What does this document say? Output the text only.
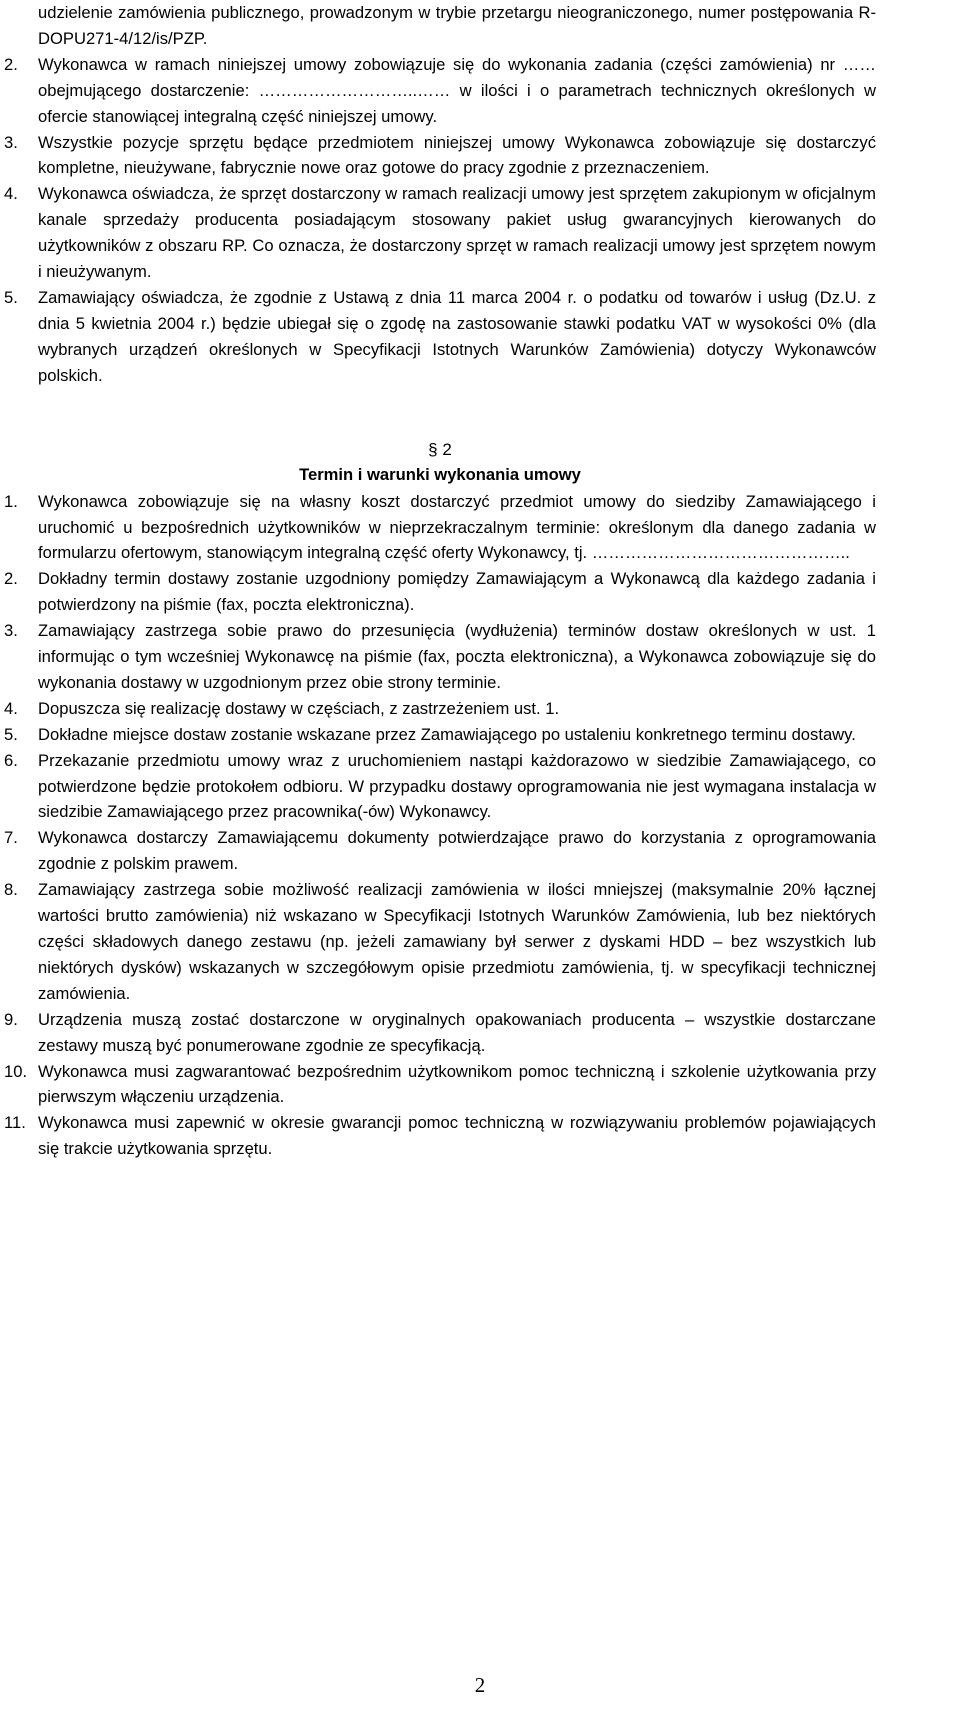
udzielenie zamówienia publicznego, prowadzonym w trybie przetargu nieograniczonego, numer postępowania R-DOPU271-4/12/is/PZP.
2.	Wykonawca w ramach niniejszej umowy zobowiązuje się do wykonania zadania (części zamówienia) nr …… obejmującego dostarczenie: ………………………..…… w ilości i o parametrach technicznych określonych w ofercie stanowiącej integralną część niniejszej umowy.
3.	Wszystkie pozycje sprzętu będące przedmiotem niniejszej umowy Wykonawca zobowiązuje się dostarczyć kompletne, nieużywane, fabrycznie nowe oraz gotowe do pracy zgodnie z przeznaczeniem.
4.	Wykonawca oświadcza, że sprzęt dostarczony w ramach realizacji umowy jest sprzętem zakupionym w oficjalnym kanale sprzedaży producenta posiadającym stosowany pakiet usług gwarancyjnych kierowanych do użytkowników z obszaru RP. Co oznacza, że dostarczony sprzęt w ramach realizacji umowy jest sprzętem nowym i nieużywanym.
5.	Zamawiający oświadcza, że zgodnie z Ustawą z dnia 11 marca 2004 r. o podatku od towarów i usług (Dz.U. z dnia 5 kwietnia 2004 r.) będzie ubiegał się o zgodę na zastosowanie stawki podatku VAT w wysokości 0% (dla wybranych urządzeń określonych w Specyfikacji Istotnych Warunków Zamówienia) dotyczy Wykonawców polskich.
§ 2
Termin i warunki wykonania umowy
1.	Wykonawca zobowiązuje się na własny koszt dostarczyć przedmiot umowy do siedziby Zamawiającego i uruchomić u bezpośrednich użytkowników w nieprzekraczalnym terminie: określonym dla danego zadania w formularzu ofertowym, stanowiącym integralną część oferty Wykonawcy, tj. ………………………………………..
2.	Dokładny termin dostawy zostanie uzgodniony pomiędzy Zamawiającym a Wykonawcą dla każdego zadania i potwierdzony na piśmie (fax, poczta elektroniczna).
3.	Zamawiający zastrzega sobie prawo do przesunięcia (wydłużenia) terminów dostaw określonych w ust. 1 informując o tym wcześniej Wykonawcę na piśmie (fax, poczta elektroniczna), a Wykonawca zobowiązuje się do wykonania dostawy w uzgodnionym przez obie strony terminie.
4.	Dopuszcza się realizację dostawy w częściach, z zastrzeżeniem ust. 1.
5.	Dokładne miejsce dostaw zostanie wskazane przez Zamawiającego po ustaleniu konkretnego terminu dostawy.
6.	Przekazanie przedmiotu umowy wraz z uruchomieniem nastąpi każdorazowo w siedzibie Zamawiającego, co potwierdzone będzie protokołem odbioru. W przypadku dostawy oprogramowania nie jest wymagana instalacja w siedzibie Zamawiającego przez pracownika(-ów) Wykonawcy.
7.	Wykonawca dostarczy Zamawiającemu dokumenty potwierdzające prawo do korzystania z oprogramowania zgodnie z polskim prawem.
8.	Zamawiający zastrzega sobie możliwość realizacji zamówienia w ilości mniejszej (maksymalnie 20% łącznej wartości brutto zamówienia) niż wskazano w Specyfikacji Istotnych Warunków Zamówienia, lub bez niektórych części składowych danego zestawu (np. jeżeli zamawiany był serwer z dyskami HDD – bez wszystkich lub niektórych dysków) wskazanych w szczegółowym opisie przedmiotu zamówienia, tj. w specyfikacji technicznej zamówienia.
9.	Urządzenia muszą zostać dostarczone w oryginalnych opakowaniach producenta – wszystkie dostarczane zestawy muszą być ponumerowane zgodnie ze specyfikacją.
10. Wykonawca musi zagwarantować bezpośrednim użytkownikom pomoc techniczną i szkolenie użytkowania przy pierwszym włączeniu urządzenia.
11. Wykonawca musi zapewnić w okresie gwarancji pomoc techniczną w rozwiązywaniu problemów pojawiających się trakcie użytkowania sprzętu.
2
